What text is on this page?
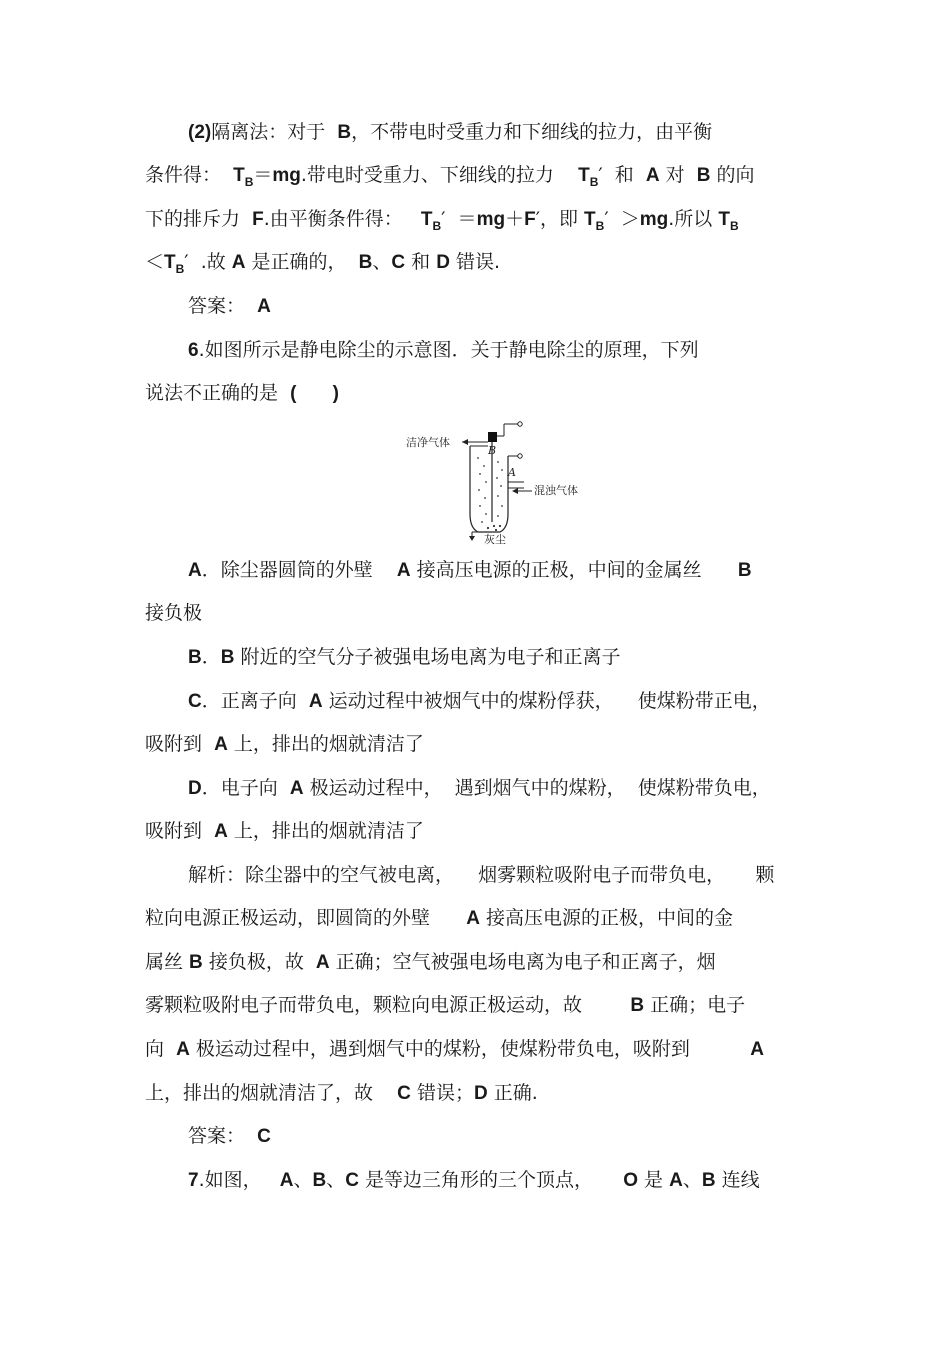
(2)隔离法：对于  B，不带电时受重力和下细线的拉力，由平衡
条件得：  $T_B=mg$.带电时受重力、下细线的拉力    $T_B'$  和  A 对  B 的向
下的排斥力  F.由平衡条件得：   $T_B' =mg+F'$，即 $T_B' >mg$.所以 $T_B$
$<T_B'$  .故 A 是正确的，  B、C 和 D 错误.
答案：  A
6.如图所示是静电除尘的示意图．关于静电除尘的原理，下列
说法不正确的是  ( )
A．除尘器圆筒的外壁    A 接高压电源的正极，中间的金属丝      B
接负极
B．B 附近的空气分子被强电场电离为电子和正离子
C．正离子向  A 运动过程中被烟气中的煤粉俘获，    使煤粉带正电，
吸附到  A 上，排出的烟就清洁了
D．电子向  A 极运动过程中，  遇到烟气中的煤粉，  使煤粉带负电，
吸附到  A 上，排出的烟就清洁了
解析：除尘器中的空气被电离，    烟雾颗粒吸附电子而带负电，     颗
粒向电源正极运动，即圆筒的外壁      A 接高压电源的正极，中间的金
属丝 B 接负极，故  A 正确；空气被强电场电离为电子和正离子，烟
雾颗粒吸附电子而带负电，颗粒向电源正极运动，故        B 正确；电子
向  A 极运动过程中，遇到烟气中的煤粉，使煤粉带负电，吸附到          A
上，排出的烟就清洁了，故    C 错误；D 正确.
答案：  C
7.如图，   A、B、C 是等边三角形的三个顶点，     O 是 A、B 连线
洁净气体
B
A
混浊气体
灰尘
